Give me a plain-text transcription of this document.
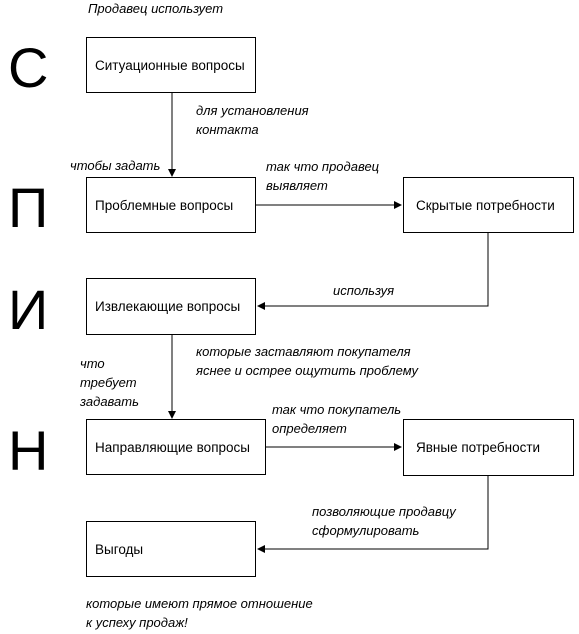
Продавец использует
С
П
И
Н
Ситуационные вопросы
Проблемные вопросы	Скрытые потребности
Извлекающие вопросы
Направляющие вопросы	Явные потребности
Выгоды
для установления
контакта
чтобы задать	так что продавец
выявляет
используя
что
требует
задавать
которые заставляют покупателя
яснее и острее ощутить проблему
так что покупатель
определяет
позволяющие продавцу
сформулировать
которые имеют прямое отношение
к успеху продаж!
